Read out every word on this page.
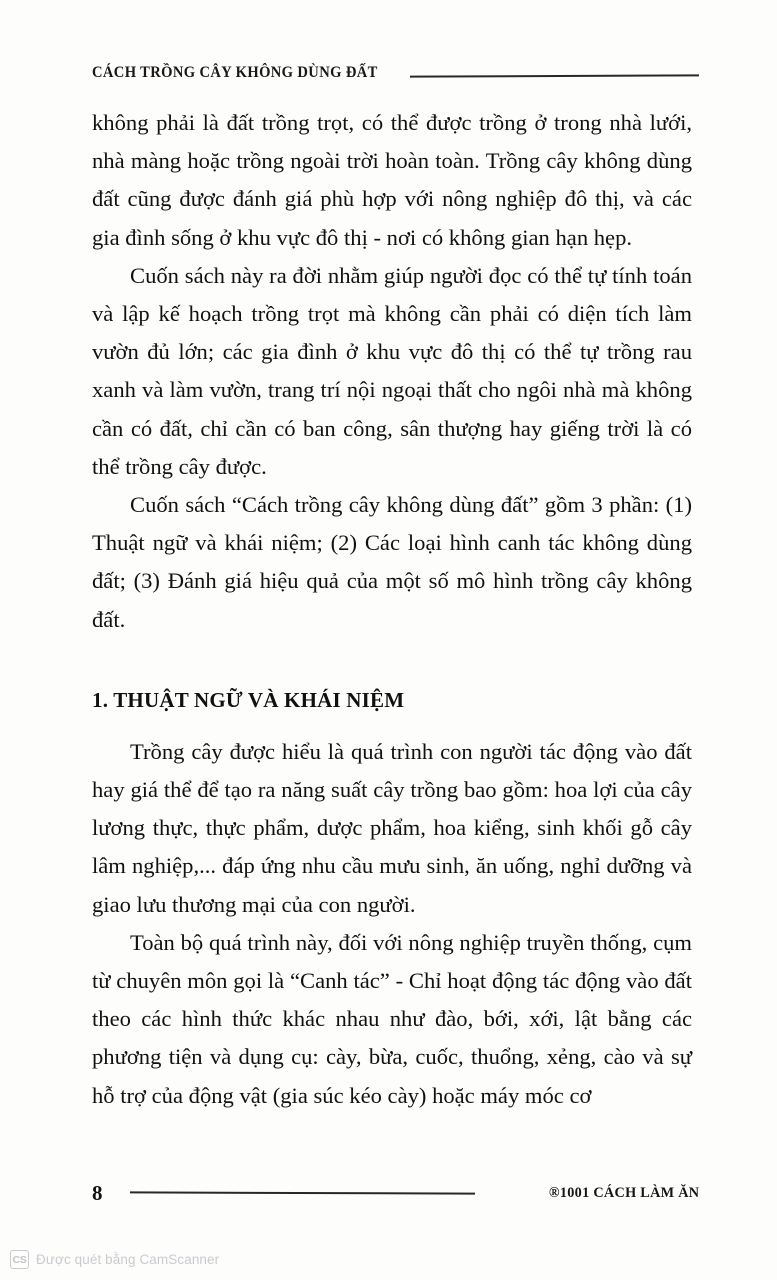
CÁCH TRỒNG CÂY KHÔNG DÙNG ĐẤT

không phải là đất trồng trọt, có thể được trồng ở trong nhà lưới, nhà màng hoặc trồng ngoài trời hoàn toàn. Trồng cây không dùng đất cũng được đánh giá phù hợp với nông nghiệp đô thị, và các gia đình sống ở khu vực đô thị - nơi có không gian hạn hẹp.

Cuốn sách này ra đời nhằm giúp người đọc có thể tự tính toán và lập kế hoạch trồng trọt mà không cần phải có diện tích làm vườn đủ lớn; các gia đình ở khu vực đô thị có thể tự trồng rau xanh và làm vườn, trang trí nội ngoại thất cho ngôi nhà mà không cần có đất, chỉ cần có ban công, sân thượng hay giếng trời là có thể trồng cây được.

Cuốn sách “Cách trồng cây không dùng đất” gồm 3 phần: (1) Thuật ngữ và khái niệm; (2) Các loại hình canh tác không dùng đất; (3) Đánh giá hiệu quả của một số mô hình trồng cây không đất.

1. THUẬT NGỮ VÀ KHÁI NIỆM

Trồng cây được hiểu là quá trình con người tác động vào đất hay giá thể để tạo ra năng suất cây trồng bao gồm: hoa lợi của cây lương thực, thực phẩm, dược phẩm, hoa kiểng, sinh khối gỗ cây lâm nghiệp,... đáp ứng nhu cầu mưu sinh, ăn uống, nghỉ dưỡng và giao lưu thương mại của con người.

Toàn bộ quá trình này, đối với nông nghiệp truyền thống, cụm từ chuyên môn gọi là “Canh tác” - Chỉ hoạt động tác động vào đất theo các hình thức khác nhau như đào, bới, xới, lật bằng các phương tiện và dụng cụ: cày, bừa, cuốc, thuổng, xẻng, cào và sự hỗ trợ của động vật (gia súc kéo cày) hoặc máy móc cơ

8	®1001 CÁCH LÀM ĂN
CS Được quét bằng CamScanner
